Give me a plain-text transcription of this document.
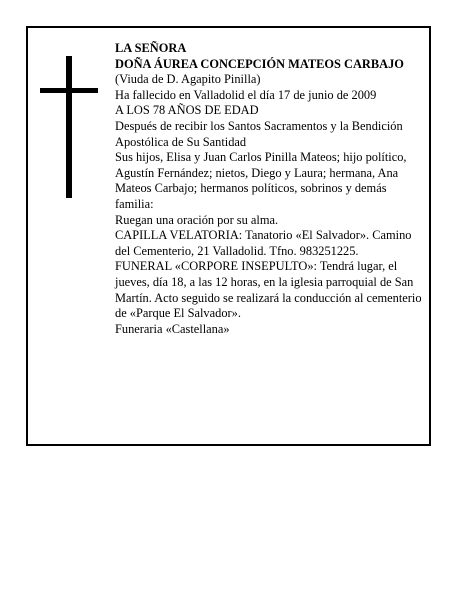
LA SEÑORA

DOÑA ÁUREA CONCEPCIÓN MATEOS CARBAJO

(Viuda de D. Agapito Pinilla)

Ha fallecido en Valladolid el día 17 de junio de 2009

A LOS 78 AÑOS DE EDAD

Después de recibir los Santos Sacramentos y la Bendición Apostólica de Su Santidad

Sus hijos, Elisa y Juan Carlos Pinilla Mateos; hijo político, Agustín Fernández; nietos, Diego y Laura; hermana, Ana Mateos Carbajo; hermanos políticos, sobrinos y demás familia:

Ruegan una oración por su alma.

CAPILLA VELATORIA: Tanatorio «El Salvador». Camino del Cementerio, 21 Valladolid. Tfno. 983251225.

FUNERAL «CORPORE INSEPULTO»: Tendrá lugar, el jueves, día 18, a las 12 horas, en la iglesia parroquial de San Martín. Acto seguido se realizará la conducción al cementerio de «Parque El Salvador».

Funeraria «Castellana»
